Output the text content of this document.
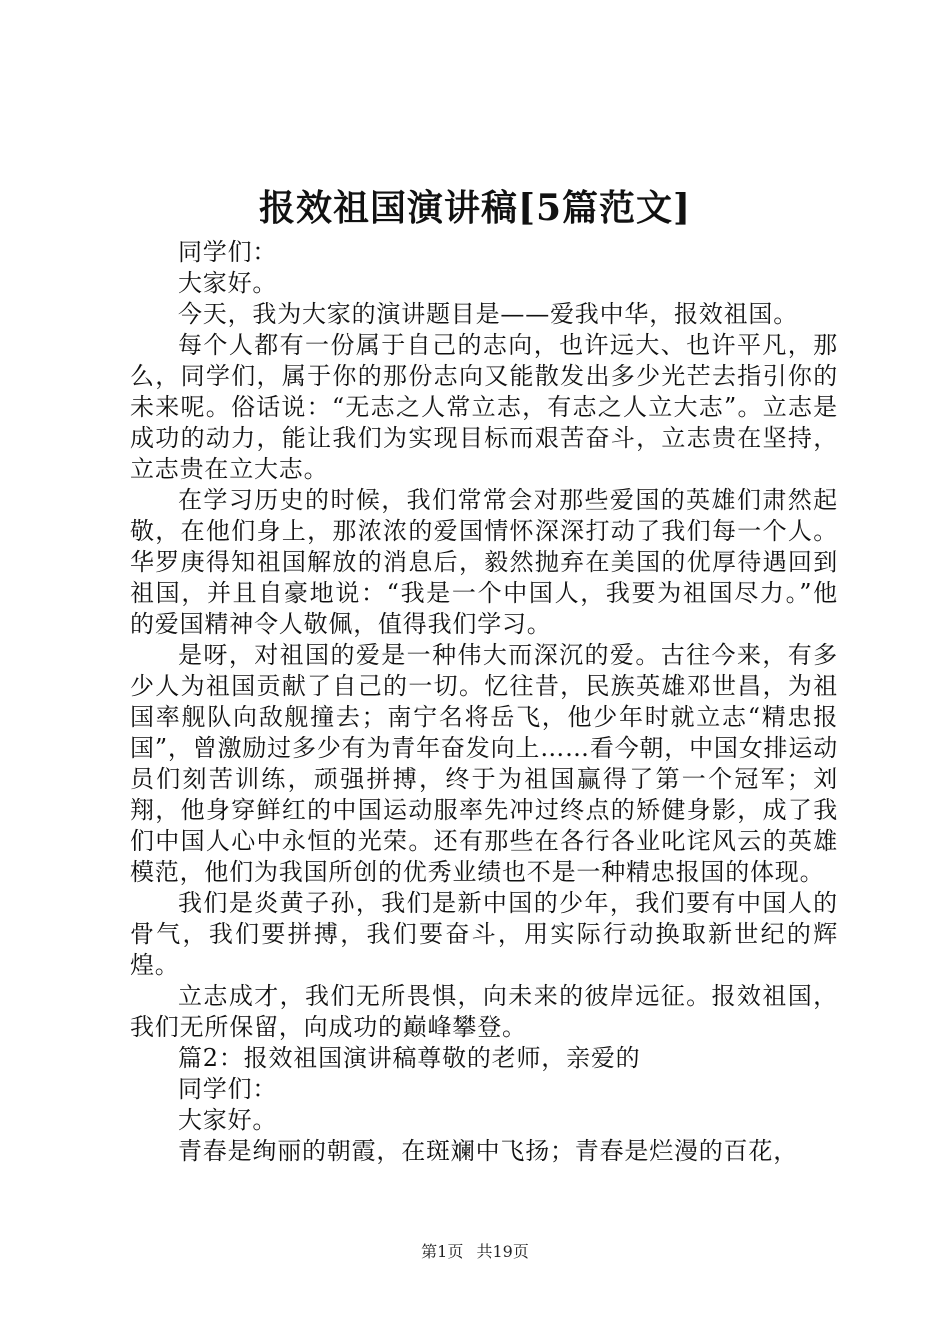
报效祖国演讲稿[5篇范文]

同学们：

大家好。

今天，我为大家的演讲题目是——爱我中华，报效祖国。

每个人都有一份属于自己的志向，也许远大、也许平凡，那么，同学们，属于你的那份志向又能散发出多少光芒去指引你的未来呢。俗话说：“无志之人常立志，有志之人立大志”。立志是成功的动力，能让我们为实现目标而艰苦奋斗，立志贵在坚持，立志贵在立大志。

在学习历史的时候，我们常常会对那些爱国的英雄们肃然起敬，在他们身上，那浓浓的爱国情怀深深打动了我们每一个人。华罗庚得知祖国解放的消息后，毅然抛弃在美国的优厚待遇回到祖国，并且自豪地说：“我是一个中国人，我要为祖国尽力。”他的爱国精神令人敬佩，值得我们学习。

是呀，对祖国的爱是一种伟大而深沉的爱。古往今来，有多少人为祖国贡献了自己的一切。忆往昔，民族英雄邓世昌，为祖国率舰队向敌舰撞去；南宁名将岳飞，他少年时就立志“精忠报国”，曾激励过多少有为青年奋发向上……看今朝，中国女排运动员们刻苦训练，顽强拼搏，终于为祖国赢得了第一个冠军；刘翔，他身穿鲜红的中国运动服率先冲过终点的矫健身影，成了我们中国人心中永恒的光荣。还有那些在各行各业叱诧风云的英雄模范，他们为我国所创的优秀业绩也不是一种精忠报国的体现。

我们是炎黄子孙，我们是新中国的少年，我们要有中国人的骨气，我们要拼搏，我们要奋斗，用实际行动换取新世纪的辉煌。

立志成才，我们无所畏惧，向未来的彼岸远征。报效祖国，我们无所保留，向成功的巅峰攀登。

篇2：报效祖国演讲稿尊敬的老师，亲爱的

同学们：

大家好。

青春是绚丽的朝霞，在斑斓中飞扬；青春是烂漫的百花，

第1页 共19页
